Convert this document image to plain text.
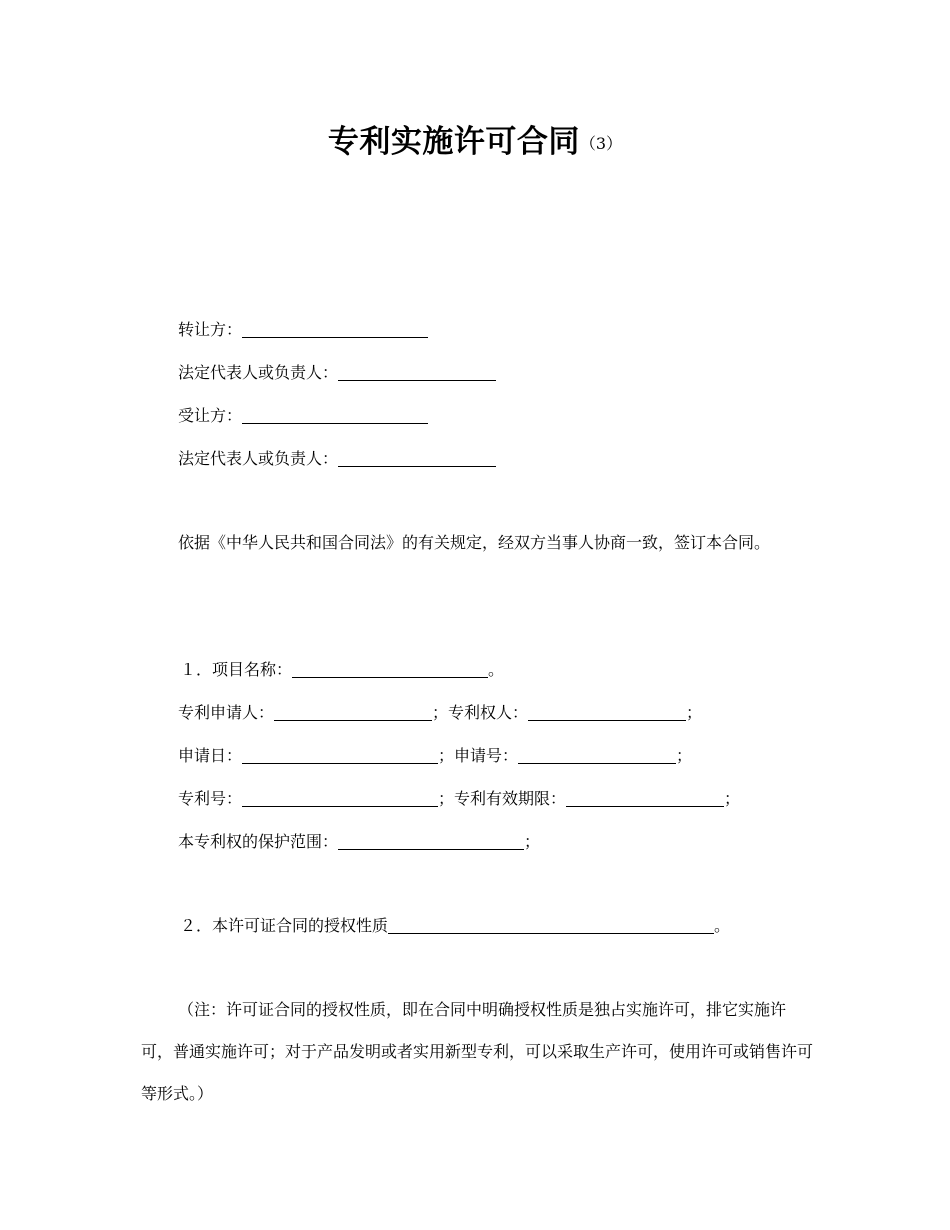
专利实施许可合同（3）
转让方：
法定代表人或负责人：
受让方：
法定代表人或负责人：
依据《中华人民共和国合同法》的有关规定，经双方当事人协商一致，签订本合同。
１．项目名称：	。
专利申请人：	；专利权人：	；
申请日：	；申请号：	；
专利号：	；专利有效期限：	；
本专利权的保护范围：	；
２．本许可证合同的授权性质	。
（注：许可证合同的授权性质，即在合同中明确授权性质是独占实施许可，排它实施许可，普通实施许可；对于产品发明或者实用新型专利，可以采取生产许可，使用许可或销售许可等形式。）
